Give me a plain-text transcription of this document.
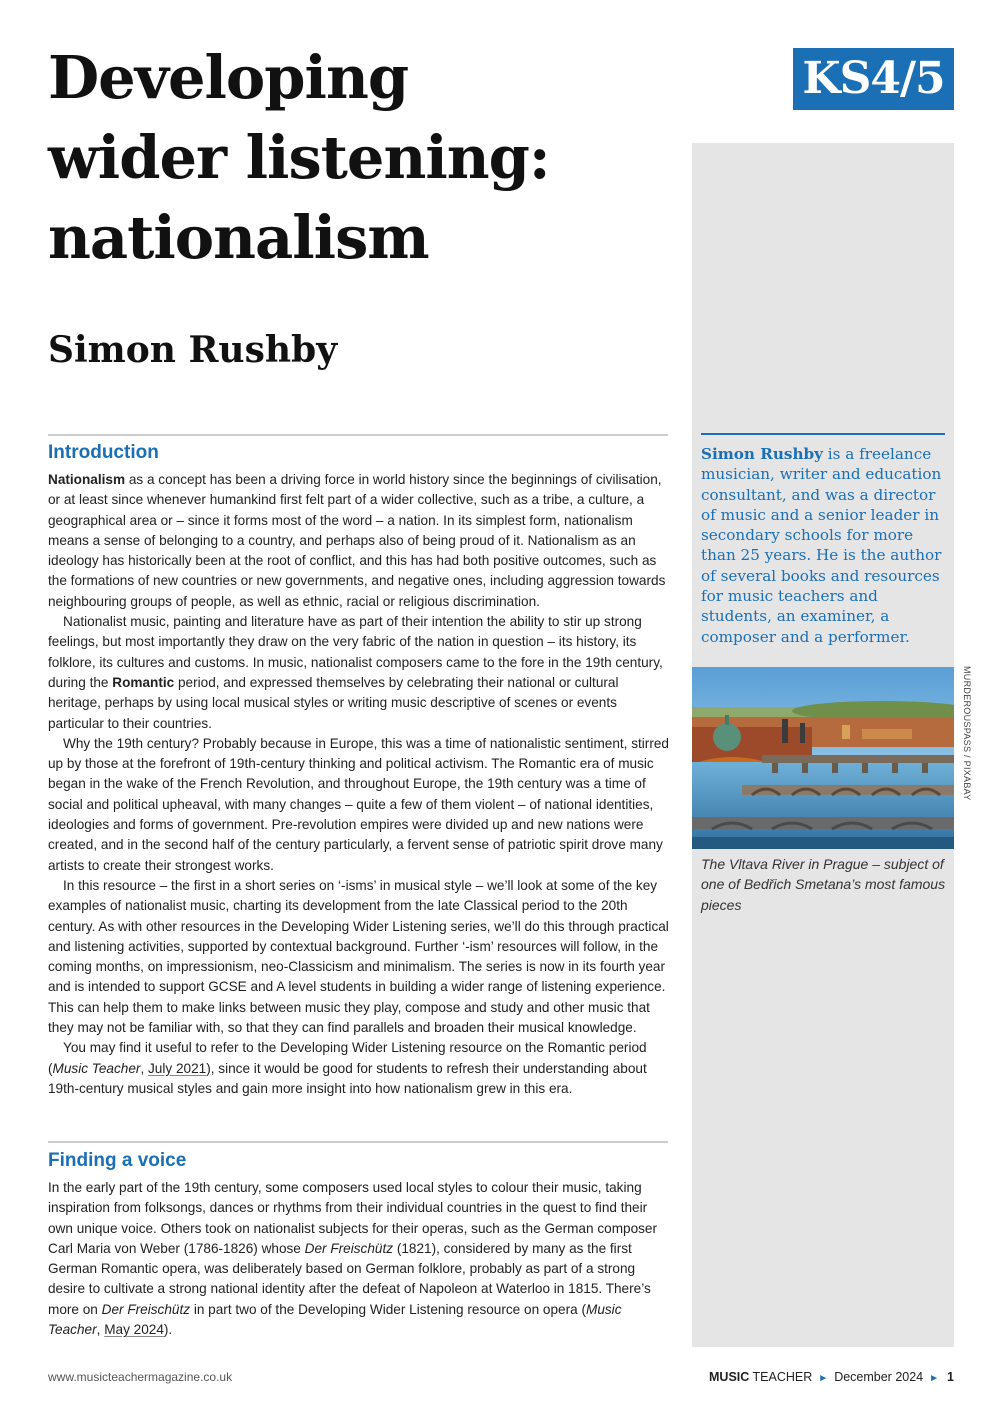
Developing
wider listening:
nationalism
Simon Rushby
KS4/5

Simon Rushby is a freelance musician, writer and education consultant, and was a director of music and a senior leader in secondary schools for more than 25 years. He is the author of several books and resources for music teachers and students, an examiner, a composer and a performer.

MURDEROUSPASS / PIXABAY

The Vltava River in Prague – subject of one of Bedřich Smetana’s most famous pieces

Introduction

Nationalism as a concept has been a driving force in world history since the beginnings of civilisation, or at least since whenever humankind first felt part of a wider collective, such as a tribe, a culture, a geographical area or – since it forms most of the word – a nation. In its simplest form, nationalism means a sense of belonging to a country, and perhaps also of being proud of it. Nationalism as an ideology has historically been at the root of conflict, and this has had both positive outcomes, such as the formations of new countries or new governments, and negative ones, including aggression towards neighbouring groups of people, as well as ethnic, racial or religious discrimination.

Nationalist music, painting and literature have as part of their intention the ability to stir up strong feelings, but most importantly they draw on the very fabric of the nation in question – its history, its folklore, its cultures and customs. In music, nationalist composers came to the fore in the 19th century, during the Romantic period, and expressed themselves by celebrating their national or cultural heritage, perhaps by using local musical styles or writing music descriptive of scenes or events particular to their countries.

Why the 19th century? Probably because in Europe, this was a time of nationalistic sentiment, stirred up by those at the forefront of 19th-century thinking and political activism. The Romantic era of music began in the wake of the French Revolution, and throughout Europe, the 19th century was a time of social and political upheaval, with many changes – quite a few of them violent – of national identities, ideologies and forms of government. Pre-revolution empires were divided up and new nations were created, and in the second half of the century particularly, a fervent sense of patriotic spirit drove many artists to create their strongest works.

In this resource – the first in a short series on ‘-isms’ in musical style – we’ll look at some of the key examples of nationalist music, charting its development from the late Classical period to the 20th century. As with other resources in the Developing Wider Listening series, we’ll do this through practical and listening activities, supported by contextual background. Further ‘-ism’ resources will follow, in the coming months, on impressionism, neo-Classicism and minimalism. The series is now in its fourth year and is intended to support GCSE and A level students in building a wider range of listening experience. This can help them to make links between music they play, compose and study and other music that they may not be familiar with, so that they can find parallels and broaden their musical knowledge.

You may find it useful to refer to the Developing Wider Listening resource on the Romantic period (Music Teacher, July 2021), since it would be good for students to refresh their understanding about 19th-century musical styles and gain more insight into how nationalism grew in this era.

Finding a voice

In the early part of the 19th century, some composers used local styles to colour their music, taking inspiration from folksongs, dances or rhythms from their individual countries in the quest to find their own unique voice. Others took on nationalist subjects for their operas, such as the German composer Carl Maria von Weber (1786-1826) whose Der Freischütz (1821), considered by many as the first German Romantic opera, was deliberately based on German folklore, probably as part of a strong desire to cultivate a strong national identity after the defeat of Napoleon at Waterloo in 1815. There’s more on Der Freischütz in part two of the Developing Wider Listening resource on opera (Music Teacher, May 2024).

www.musicteachermagazine.co.uk	MUSIC TEACHER ► December 2024 ► 1
